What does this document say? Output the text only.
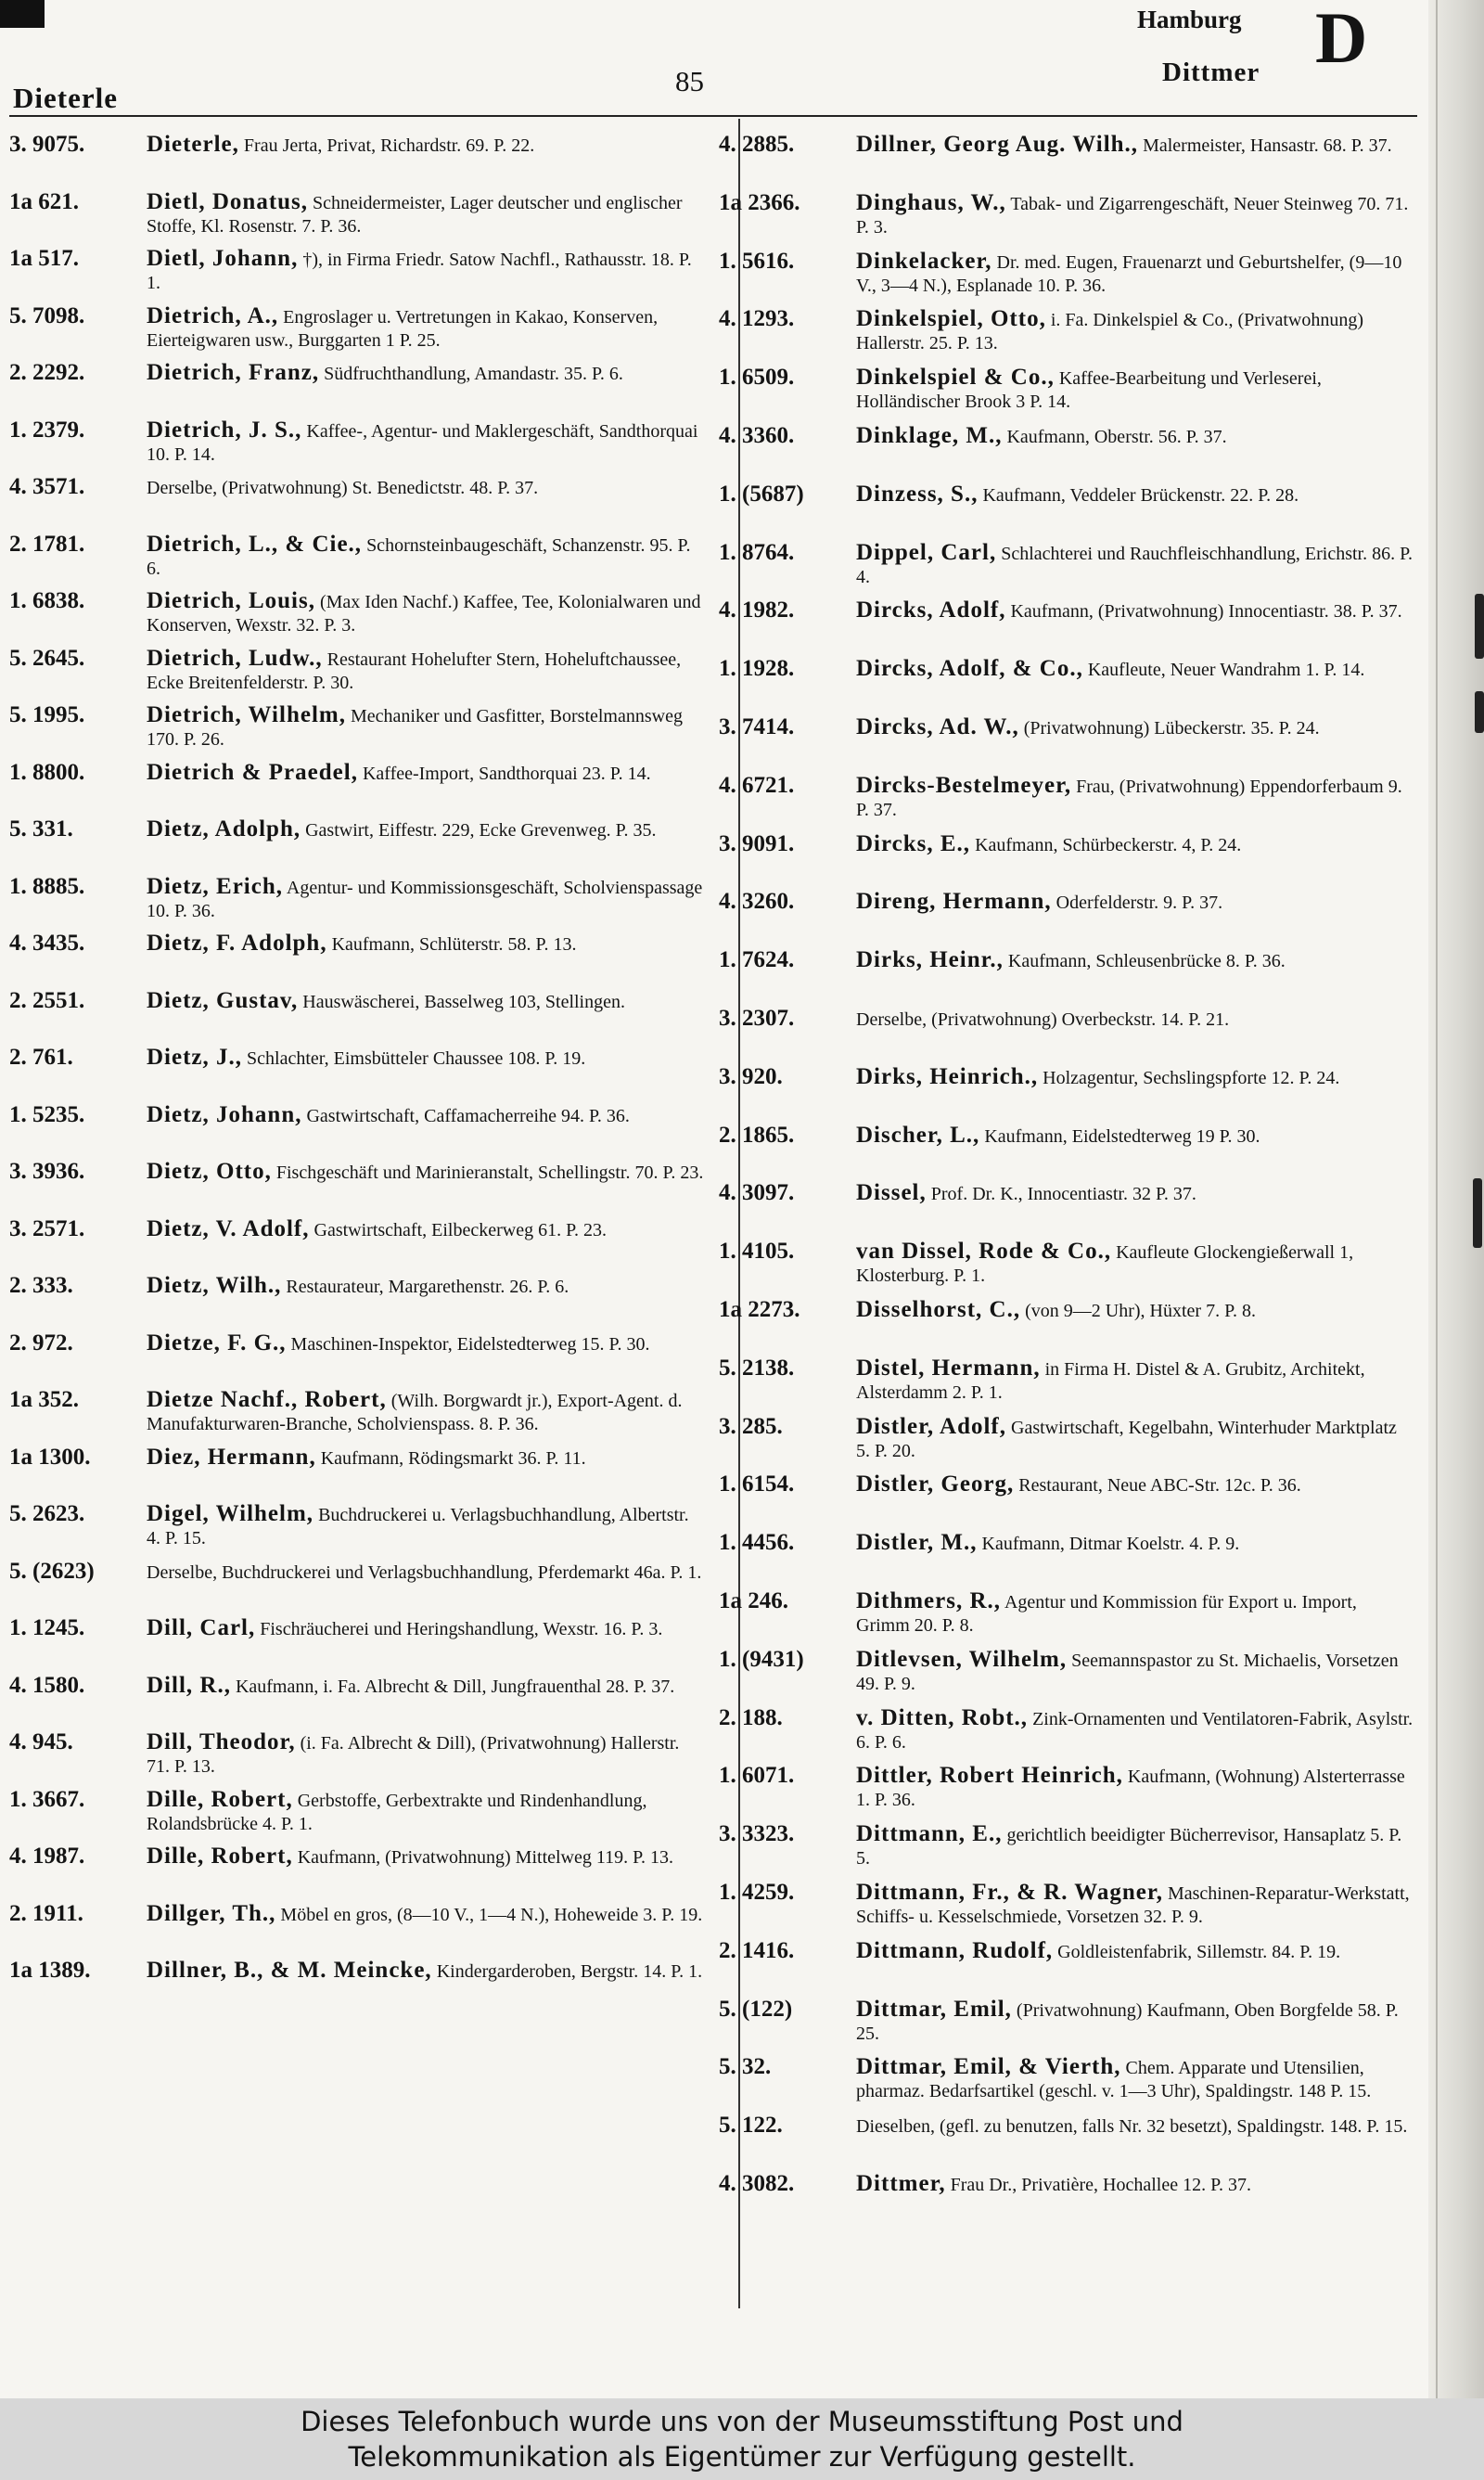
Dieterle
85
Hamburg D
Dittmer
3. 9075.	Dieterle, Frau Jerta, Privat, Richardstr. 69. P. 22.
1a 621.	Dietl, Donatus, Schneidermeister, Lager deutscher und englischer Stoffe, Kl. Rosenstr. 7. P. 36.
1a 517.	Dietl, Johann, †), in Firma Friedr. Satow Nachfl., Rathausstr. 18. P. 1.
5. 7098.	Dietrich, A., Engroslager u. Vertretungen in Kakao, Konserven, Eierteigwaren usw., Burggarten 1 P. 25.
2. 2292.	Dietrich, Franz, Südfruchthandlung, Amandastr. 35. P. 6.
1. 2379.	Dietrich, J. S., Kaffee-, Agentur- und Maklergeschäft, Sandthorquai 10. P. 14.
4. 3571.	Derselbe, (Privatwohnung) St. Benedictstr. 48. P. 37.
2. 1781.	Dietrich, L., & Cie., Schornsteinbaugeschäft, Schanzenstr. 95. P. 6.
1. 6838.	Dietrich, Louis, (Max Iden Nachf.) Kaffee, Tee, Kolonialwaren und Konserven, Wexstr. 32. P. 3.
5. 2645.	Dietrich, Ludw., Restaurant Hohelufter Stern, Hoheluftchaussee, Ecke Breitenfelderstr. P. 30.
5. 1995.	Dietrich, Wilhelm, Mechaniker und Gasfitter, Borstelmannsweg 170. P. 26.
1. 8800.	Dietrich & Praedel, Kaffee-Import, Sandthorquai 23. P. 14.
5. 331.	Dietz, Adolph, Gastwirt, Eiffestr. 229, Ecke Grevenweg. P. 35.
1. 8885.	Dietz, Erich, Agentur- und Kommissionsgeschäft, Scholvienspassage 10. P. 36.
4. 3435.	Dietz, F. Adolph, Kaufmann, Schlüterstr. 58. P. 13.
2. 2551.	Dietz, Gustav, Hauswäscherei, Basselweg 103, Stellingen.
2. 761.	Dietz, J., Schlachter, Eimsbütteler Chaussee 108. P. 19.
1. 5235.	Dietz, Johann, Gastwirtschaft, Caffamacherreihe 94. P. 36.
3. 3936.	Dietz, Otto, Fischgeschäft und Marinieranstalt, Schellingstr. 70. P. 23.
3. 2571.	Dietz, V. Adolf, Gastwirtschaft, Eilbeckerweg 61. P. 23.
2. 333.	Dietz, Wilh., Restaurateur, Margarethenstr. 26. P. 6.
2. 972.	Dietze, F. G., Maschinen-Inspektor, Eidelstedterweg 15. P. 30.
1a 352.	Dietze Nachf., Robert, (Wilh. Borgwardt jr.), Export-Agent. d. Manufakturwaren-Branche, Scholvienspass. 8. P. 36.
1a 1300.	Diez, Hermann, Kaufmann, Rödingsmarkt 36. P. 11.
5. 2623.	Digel, Wilhelm, Buchdruckerei u. Verlagsbuchhandlung, Albertstr. 4. P. 15.
5. (2623)	Derselbe, Buchdruckerei und Verlagsbuchhandlung, Pferdemarkt 46a. P. 1.
1. 1245.	Dill, Carl, Fischräucherei und Heringshandlung, Wexstr. 16. P. 3.
4. 1580.	Dill, R., Kaufmann, i. Fa. Albrecht & Dill, Jungfrauenthal 28. P. 37.
4. 945.	Dill, Theodor, (i. Fa. Albrecht & Dill), (Privatwohnung) Hallerstr. 71. P. 13.
1. 3667.	Dille, Robert, Gerbstoffe, Gerbextrakte und Rindenhandlung, Rolandsbrücke 4. P. 1.
4. 1987.	Dille, Robert, Kaufmann, (Privatwohnung) Mittelweg 119. P. 13.
2. 1911.	Dillger, Th., Möbel en gros, (8—10 V., 1—4 N.), Hoheweide 3. P. 19.
1a 1389.	Dillner, B., & M. Meincke, Kindergarderoben, Bergstr. 14. P. 1.
4. 2885.	Dillner, Georg Aug. Wilh., Malermeister, Hansastr. 68. P. 37.
1a 2366.	Dinghaus, W., Tabak- und Zigarrengeschäft, Neuer Steinweg 70. 71. P. 3.
1. 5616.	Dinkelacker, Dr. med. Eugen, Frauenarzt und Geburtshelfer, (9—10 V., 3—4 N.), Esplanade 10. P. 36.
4. 1293.	Dinkelspiel, Otto, i. Fa. Dinkelspiel & Co., (Privatwohnung) Hallerstr. 25. P. 13.
1. 6509.	Dinkelspiel & Co., Kaffee-Bearbeitung und Verleserei, Holländischer Brook 3 P. 14.
4. 3360.	Dinklage, M., Kaufmann, Oberstr. 56. P. 37.
1. (5687)	Dinzess, S., Kaufmann, Veddeler Brückenstr. 22. P. 28.
1. 8764.	Dippel, Carl, Schlachterei und Rauchfleischhandlung, Erichstr. 86. P. 4.
4. 1982.	Dircks, Adolf, Kaufmann, (Privatwohnung) Innocentiastr. 38. P. 37.
1. 1928.	Dircks, Adolf, & Co., Kaufleute, Neuer Wandrahm 1. P. 14.
3. 7414.	Dircks, Ad. W., (Privatwohnung) Lübeckerstr. 35. P. 24.
4. 6721.	Dircks-Bestelmeyer, Frau, (Privatwohnung) Eppendorferbaum 9. P. 37.
3. 9091.	Dircks, E., Kaufmann, Schürbeckerstr. 4, P. 24.
4. 3260.	Direng, Hermann, Oderfelderstr. 9. P. 37.
1. 7624.	Dirks, Heinr., Kaufmann, Schleusenbrücke 8. P. 36.
3. 2307.	Derselbe, (Privatwohnung) Overbeckstr. 14. P. 21.
3. 920.	Dirks, Heinrich., Holzagentur, Sechslingspforte 12. P. 24.
2. 1865.	Discher, L., Kaufmann, Eidelstedterweg 19 P. 30.
4. 3097.	Dissel, Prof. Dr. K., Innocentiastr. 32 P. 37.
1. 4105.	van Dissel, Rode & Co., Kaufleute Glockengießerwall 1, Klosterburg. P. 1.
1a 2273.	Disselhorst, C., (von 9—2 Uhr), Hüxter 7. P. 8.
5. 2138.	Distel, Hermann, in Firma H. Distel & A. Grubitz, Architekt, Alsterdamm 2. P. 1.
3. 285.	Distler, Adolf, Gastwirtschaft, Kegelbahn, Winterhuder Marktplatz 5. P. 20.
1. 6154.	Distler, Georg, Restaurant, Neue ABC-Str. 12c. P. 36.
1. 4456.	Distler, M., Kaufmann, Ditmar Koelstr. 4. P. 9.
1a 246.	Dithmers, R., Agentur und Kommission für Export u. Import, Grimm 20. P. 8.
1. (9431)	Ditlevsen, Wilhelm, Seemannspastor zu St. Michaelis, Vorsetzen 49. P. 9.
2. 188.	v. Ditten, Robt., Zink-Ornamenten und Ventilatoren-Fabrik, Asylstr. 6. P. 6.
1. 6071.	Dittler, Robert Heinrich, Kaufmann, (Wohnung) Alsterterrasse 1. P. 36.
3. 3323.	Dittmann, E., gerichtlich beeidigter Bücherrevisor, Hansaplatz 5. P. 5.
1. 4259.	Dittmann, Fr., & R. Wagner, Maschinen-Reparatur-Werkstatt, Schiffs- u. Kesselschmiede, Vorsetzen 32. P. 9.
2. 1416.	Dittmann, Rudolf, Goldleistenfabrik, Sillemstr. 84. P. 19.
5. (122)	Dittmar, Emil, (Privatwohnung) Kaufmann, Oben Borgfelde 58. P. 25.
5. 32.	Dittmar, Emil, & Vierth, Chem. Apparate und Utensilien, pharmaz. Bedarfsartikel (geschl. v. 1—3 Uhr), Spaldingstr. 148 P. 15.
5. 122.	Dieselben, (gefl. zu benutzen, falls Nr. 32 besetzt), Spaldingstr. 148. P. 15.
4. 3082.	Dittmer, Frau Dr., Privatière, Hochallee 12. P. 37.
Dieses Telefonbuch wurde uns von der Museumsstiftung Post und
Telekommunikation als Eigentümer zur Verfügung gestellt.
